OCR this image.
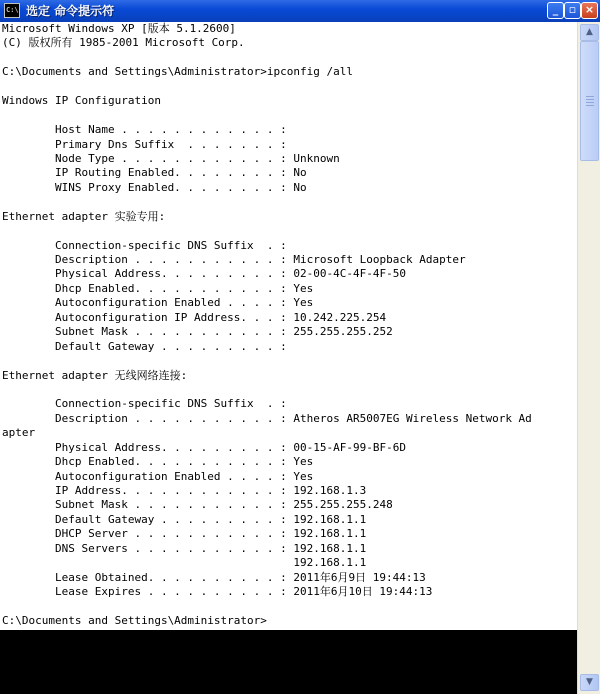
C:\ 选定 命令提示符	_ ▫ ×
Microsoft Windows XP [版本 5.1.2600]
(C) 版权所有 1985-2001 Microsoft Corp.
C:\Documents and Settings\Administrator>ipconfig /all
Windows IP Configuration
Host Name . . . . . . . . . . . . :
Primary Dns Suffix  . . . . . . . :
Node Type . . . . . . . . . . . . : Unknown
IP Routing Enabled. . . . . . . . : No
WINS Proxy Enabled. . . . . . . . : No
Ethernet adapter 实验专用:
Connection-specific DNS Suffix  . :
Description . . . . . . . . . . . : Microsoft Loopback Adapter
Physical Address. . . . . . . . . : 02-00-4C-4F-4F-50
Dhcp Enabled. . . . . . . . . . . : Yes
Autoconfiguration Enabled . . . . : Yes
Autoconfiguration IP Address. . . : 10.242.225.254
Subnet Mask . . . . . . . . . . . : 255.255.255.252
Default Gateway . . . . . . . . . :
Ethernet adapter 无线网络连接:
Connection-specific DNS Suffix  . :
Description . . . . . . . . . . . : Atheros AR5007EG Wireless Network Ad
apter
Physical Address. . . . . . . . . : 00-15-AF-99-BF-6D
Dhcp Enabled. . . . . . . . . . . : Yes
Autoconfiguration Enabled . . . . : Yes
IP Address. . . . . . . . . . . . : 192.168.1.3
Subnet Mask . . . . . . . . . . . : 255.255.255.248
Default Gateway . . . . . . . . . : 192.168.1.1
DHCP Server . . . . . . . . . . . : 192.168.1.1
DNS Servers . . . . . . . . . . . : 192.168.1.1
192.168.1.1
Lease Obtained. . . . . . . . . . : 2011年6月9日 19:44:13
Lease Expires . . . . . . . . . . : 2011年6月10日 19:44:13
C:\Documents and Settings\Administrator>
▲
▼
